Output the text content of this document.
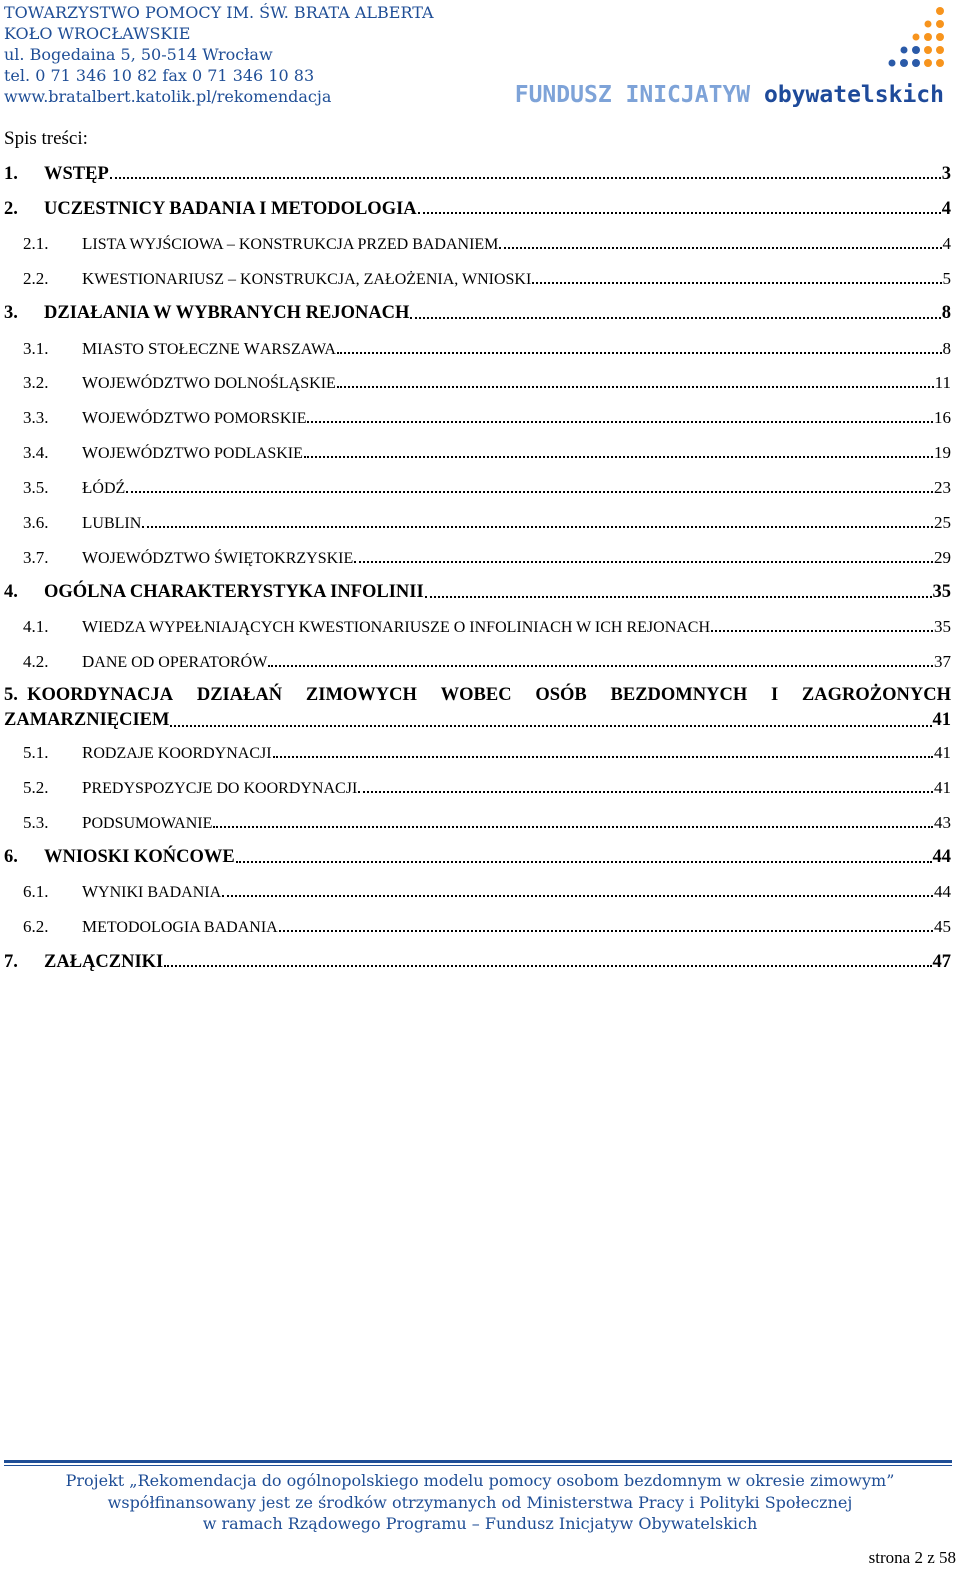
TOWARZYSTWO POMOCY IM. ŚW. BRATA ALBERTA
KOŁO WROCŁAWSKIE
ul. Bogedaina 5, 50-514 Wrocław
tel. 0 71 346 10 82 fax 0 71 346 10 83
www.bratalbert.katolik.pl/rekomendacja	FUNDUSZ INICJATYW obywatelskich
Spis treści:
1.	WSTĘP	3
2.	UCZESTNICY BADANIA I METODOLOGIA	4
2.1.	LISTA WYJŚCIOWA – KONSTRUKCJA PRZED BADANIEM	4
2.2.	KWESTIONARIUSZ – KONSTRUKCJA, ZAŁOŻENIA, WNIOSKI	5
3.	DZIAŁANIA W WYBRANYCH REJONACH	8
3.1.	MIASTO STOŁECZNE WARSZAWA	8
3.2.	WOJEWÓDZTWO DOLNOŚLĄSKIE	11
3.3.	WOJEWÓDZTWO POMORSKIE	16
3.4.	WOJEWÓDZTWO PODLASKIE	19
3.5.	ŁÓDŹ	23
3.6.	LUBLIN	25
3.7.	WOJEWÓDZTWO ŚWIĘTOKRZYSKIE	29
4.	OGÓLNA CHARAKTERYSTYKA INFOLINII	35
4.1.	WIEDZA WYPEŁNIAJĄCYCH KWESTIONARIUSZE O INFOLINIACH W ICH REJONACH	35
4.2.	DANE OD OPERATORÓW	37
5. KOORDYNACJA DZIAŁAŃ ZIMOWYCH WOBEC OSÓB BEZDOMNYCH I ZAGROŻONYCH
ZAMARZNIĘCIEM	41
5.1.	RODZAJE KOORDYNACJI	41
5.2.	PREDYSPOZYCJE DO KOORDYNACJI	41
5.3.	PODSUMOWANIE	43
6.	WNIOSKI KOŃCOWE	44
6.1.	WYNIKI BADANIA	44
6.2.	METODOLOGIA BADANIA	45
7.	ZAŁĄCZNIKI	47
Projekt „Rekomendacja do ogólnopolskiego modelu pomocy osobom bezdomnym w okresie zimowym”
współfinansowany jest ze środków otrzymanych od Ministerstwa Pracy i Polityki Społecznej
w ramach Rządowego Programu – Fundusz Inicjatyw Obywatelskich
strona 2 z 58
